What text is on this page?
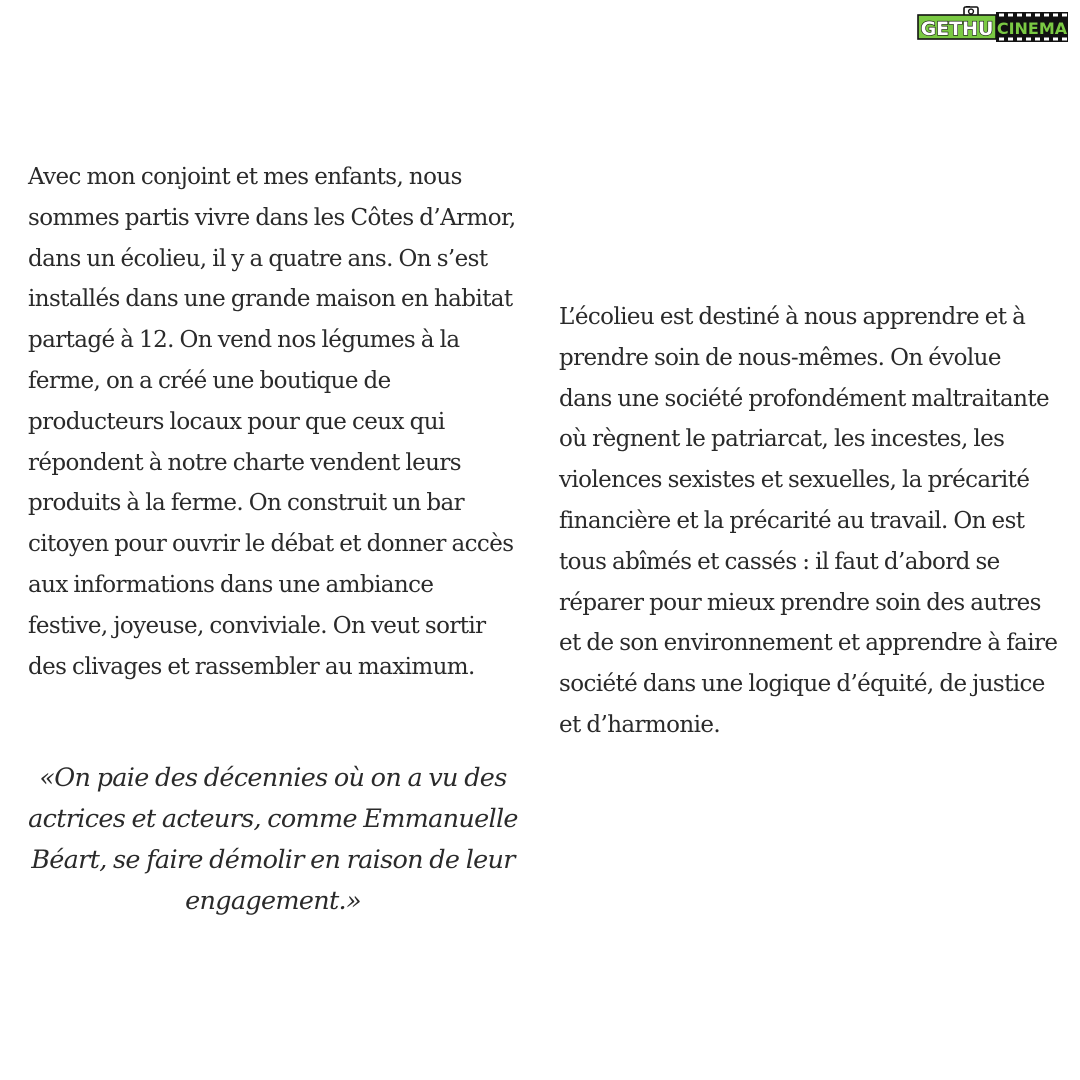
GETHU CINEMA

Avec mon conjoint et mes enfants, nous sommes partis vivre dans les Côtes d’Armor, dans un écolieu, il y a quatre ans. On s’est installés dans une grande maison en habitat partagé à 12. On vend nos légumes à la ferme, on a créé une boutique de producteurs locaux pour que ceux qui répondent à notre charte vendent leurs produits à la ferme. On construit un bar citoyen pour ouvrir le débat et donner accès aux informations dans une ambiance festive, joyeuse, conviviale. On veut sortir des clivages et rassembler au maximum.

«On paie des décennies où on a vu des actrices et acteurs, comme Emmanuelle Béart, se faire démolir en raison de leur engagement.»

L’écolieu est destiné à nous apprendre et à prendre soin de nous-mêmes. On évolue dans une société profondément maltraitante où règnent le patriarcat, les incestes, les violences sexistes et sexuelles, la précarité financière et la précarité au travail. On est tous abîmés et cassés : il faut d’abord se réparer pour mieux prendre soin des autres et de son environnement et apprendre à faire société dans une logique d’équité, de justice et d’harmonie.
